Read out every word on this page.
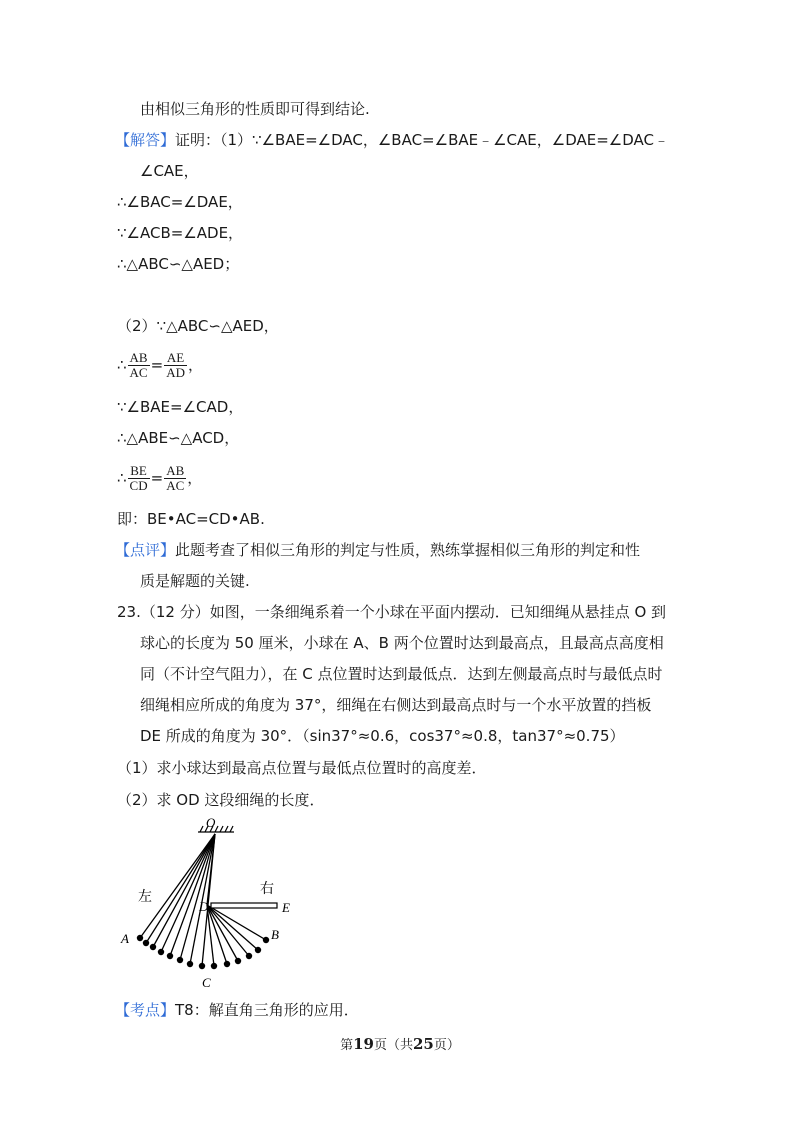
由相似三角形的性质即可得到结论.
【解答】证明：（1）∵∠BAE=∠DAC，∠BAC=∠BAE﹣∠CAE，∠DAE=∠DAC﹣
∠CAE，
∴∠BAC=∠DAE，
∵∠ACB=∠ADE，
∴△ABC∽△AED；
（2）∵△ABC∽△AED，
∴ $\frac{AB}{AC} = \frac{AE}{AD}$ ，
∵∠BAE=∠CAD，
∴△ABE∽△ACD，
∴ $\frac{BE}{CD} = \frac{AB}{AC}$ ，
即：BE•AC=CD•AB.
【点评】此题考查了相似三角形的判定与性质，熟练掌握相似三角形的判定和性
质是解题的关键.
23.（12 分）如图，一条细绳系着一个小球在平面内摆动．已知细绳从悬挂点 O 到
球心的长度为 50 厘米，小球在 A、B 两个位置时达到最高点，且最高点高度相
同（不计空气阻力），在 C 点位置时达到最低点．达到左侧最高点时与最低点时
细绳相应所成的角度为 37°，细绳在右侧达到最高点时与一个水平放置的挡板
DE 所成的角度为 30°．（sin37°≈0.6，cos37°≈0.8，tan37°≈0.75）
（1）求小球达到最高点位置与最低点位置时的高度差．
（2）求 OD 这段细绳的长度．
O
左
右
D	E
A	B
C
【考点】T8：解直角三角形的应用．
第19页（共25页）
